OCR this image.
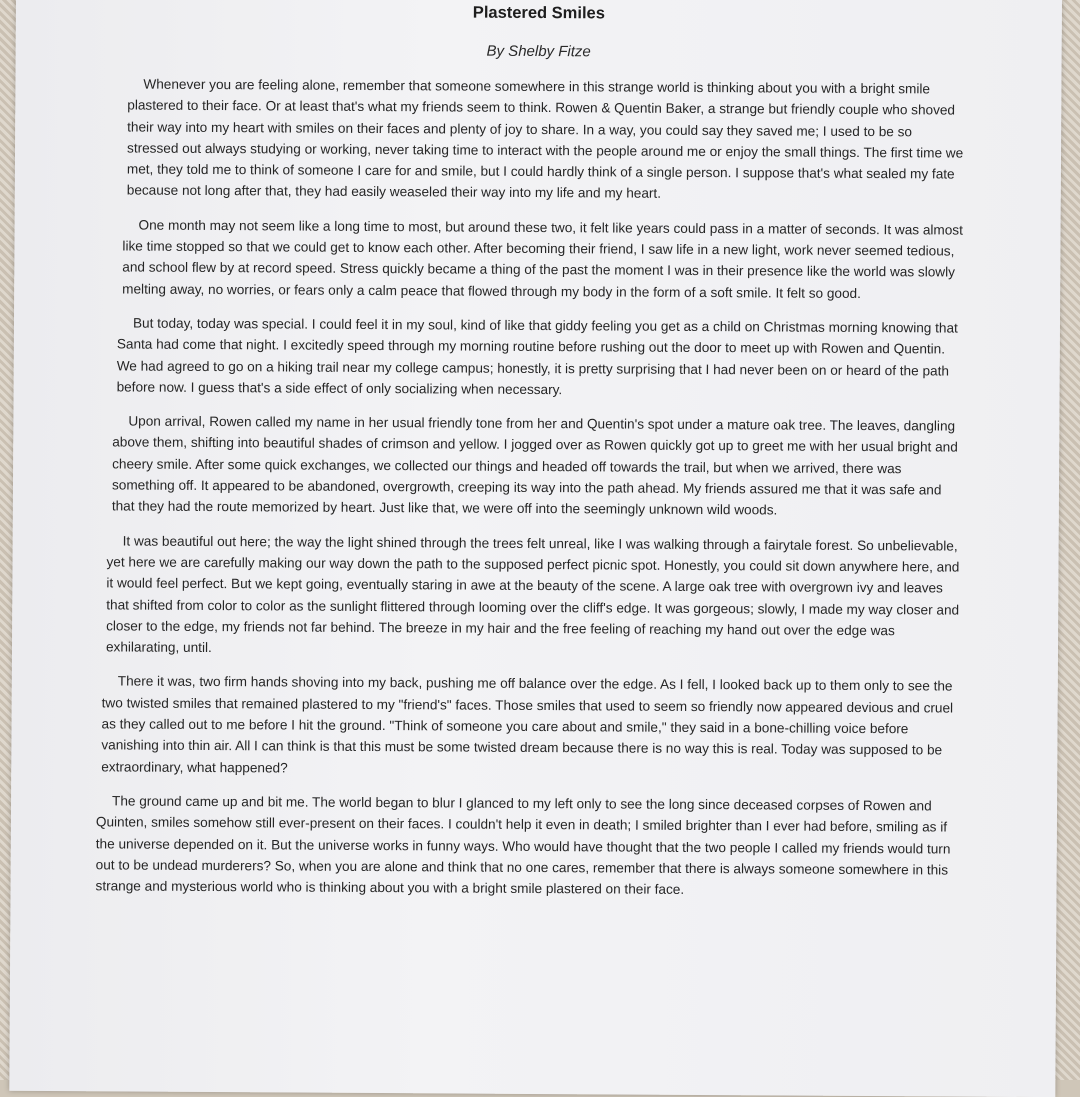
Plastered Smiles
By Shelby Fitze

Whenever you are feeling alone, remember that someone somewhere in this strange world is thinking about you with a bright smile plastered to their face. Or at least that's what my friends seem to think. Rowen & Quentin Baker, a strange but friendly couple who shoved their way into my heart with smiles on their faces and plenty of joy to share. In a way, you could say they saved me; I used to be so stressed out always studying or working, never taking time to interact with the people around me or enjoy the small things. The first time we met, they told me to think of someone I care for and smile, but I could hardly think of a single person. I suppose that's what sealed my fate because not long after that, they had easily weaseled their way into my life and my heart.

One month may not seem like a long time to most, but around these two, it felt like years could pass in a matter of seconds. It was almost like time stopped so that we could get to know each other. After becoming their friend, I saw life in a new light, work never seemed tedious, and school flew by at record speed. Stress quickly became a thing of the past the moment I was in their presence like the world was slowly melting away, no worries, or fears only a calm peace that flowed through my body in the form of a soft smile. It felt so good.

But today, today was special. I could feel it in my soul, kind of like that giddy feeling you get as a child on Christmas morning knowing that Santa had come that night. I excitedly speed through my morning routine before rushing out the door to meet up with Rowen and Quentin. We had agreed to go on a hiking trail near my college campus; honestly, it is pretty surprising that I had never been on or heard of the path before now. I guess that's a side effect of only socializing when necessary.

Upon arrival, Rowen called my name in her usual friendly tone from her and Quentin's spot under a mature oak tree. The leaves, dangling above them, shifting into beautiful shades of crimson and yellow. I jogged over as Rowen quickly got up to greet me with her usual bright and cheery smile. After some quick exchanges, we collected our things and headed off towards the trail, but when we arrived, there was something off. It appeared to be abandoned, overgrowth, creeping its way into the path ahead. My friends assured me that it was safe and that they had the route memorized by heart. Just like that, we were off into the seemingly unknown wild woods.

It was beautiful out here; the way the light shined through the trees felt unreal, like I was walking through a fairytale forest. So unbelievable, yet here we are carefully making our way down the path to the supposed perfect picnic spot. Honestly, you could sit down anywhere here, and it would feel perfect. But we kept going, eventually staring in awe at the beauty of the scene. A large oak tree with overgrown ivy and leaves that shifted from color to color as the sunlight flittered through looming over the cliff's edge. It was gorgeous; slowly, I made my way closer and closer to the edge, my friends not far behind. The breeze in my hair and the free feeling of reaching my hand out over the edge was exhilarating, until.

There it was, two firm hands shoving into my back, pushing me off balance over the edge. As I fell, I looked back up to them only to see the two twisted smiles that remained plastered to my "friend's" faces. Those smiles that used to seem so friendly now appeared devious and cruel as they called out to me before I hit the ground. "Think of someone you care about and smile," they said in a bone-chilling voice before vanishing into thin air. All I can think is that this must be some twisted dream because there is no way this is real. Today was supposed to be extraordinary, what happened?

The ground came up and bit me. The world began to blur I glanced to my left only to see the long since deceased corpses of Rowen and Quinten, smiles somehow still ever-present on their faces. I couldn't help it even in death; I smiled brighter than I ever had before, smiling as if the universe depended on it. But the universe works in funny ways. Who would have thought that the two people I called my friends would turn out to be undead murderers? So, when you are alone and think that no one cares, remember that there is always someone somewhere in this strange and mysterious world who is thinking about you with a bright smile plastered on their face.
